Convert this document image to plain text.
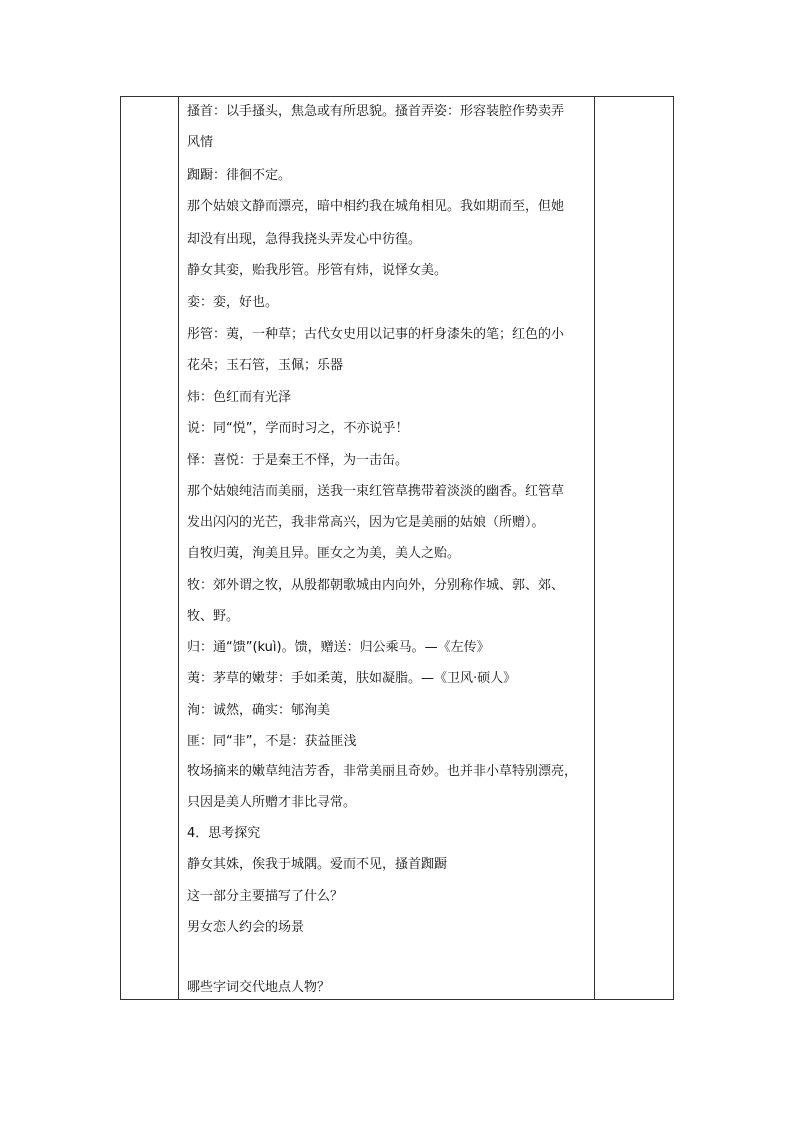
搔首：以手搔头，焦急或有所思貌。搔首弄姿：形容装腔作势卖弄
风情
踟蹰：徘徊不定。
那个姑娘文静而漂亮，暗中相约我在城角相见。我如期而至，但她
却没有出现，急得我挠头弄发心中彷徨。
静女其娈，贻我彤管。彤管有炜，说怿女美。
娈：娈，好也。
彤管：荑，一种草；古代女史用以记事的杆身漆朱的笔；红色的小
花朵；玉石管，玉佩；乐器
炜：色红而有光泽
说：同“悦”，学而时习之，不亦说乎！
怿：喜悦：于是秦王不怿，为一击缶。
那个姑娘纯洁而美丽，送我一束红管草携带着淡淡的幽香。红管草
发出闪闪的光芒，我非常高兴，因为它是美丽的姑娘（所赠）。
自牧归荑，洵美且异。匪女之为美，美人之贻。
牧：郊外谓之牧，从殷都朝歌城由内向外，分别称作城、郭、郊、
牧、野。
归：通“馈”(kuì)。馈，赠送：归公乘马。—《左传》
荑：茅草的嫩芽：手如柔荑，肤如凝脂。—《卫风·硕人》
洵：诚然，确实：郇洵美
匪：同“非”，不是：获益匪浅
牧场摘来的嫩草纯洁芳香，非常美丽且奇妙。也并非小草特别漂亮，
只因是美人所赠才非比寻常。
4．思考探究
静女其姝，俟我于城隅。爱而不见，搔首踟蹰
这一部分主要描写了什么？
男女恋人约会的场景
哪些字词交代地点人物？
